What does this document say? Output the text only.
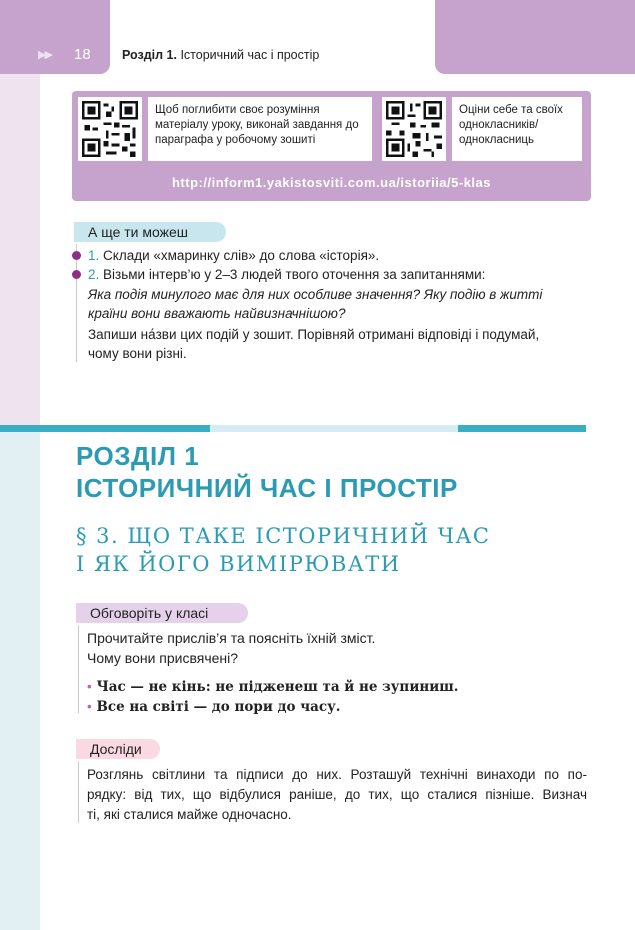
▶▶ 18	Розділ 1. Історичний час і простір
Щоб поглибити своє розуміння матеріалу уроку, виконай завдання до параграфа у робочому зошиті
Оціни себе та своїх однокласників/ однокласниць
http://inform1.yakistosviti.com.ua/istoriia/5-klas
А ще ти можеш
1. Склади «хмаринку слів» до слова «історія».
2. Візьми інтерв’ю у 2–3 людей твого оточення за запитаннями:
Яка подія минулого має для них особливе значення? Яку подію в житті
країни вони вважають найвизначнішою?
Запиши на́зви цих подій у зошит. Порівняй отримані відповіді і подумай,
чому вони різні.
РОЗДІЛ 1
ІСТОРИЧНИЙ ЧАС І ПРОСТІР
§ 3. ЩО ТАКЕ ІСТОРИЧНИЙ ЧАС
І ЯК ЙОГО ВИМІРЮВАТИ
Обговоріть у класі
Прочитайте прислів’я та поясніть їхній зміст.
Чому вони присвячені?
• Час — не кінь: не піджeнеш та й не зупиниш.
• Все на світі — до пори до часу.
Досліди
Розглянь світлини та підписи до них. Розташуй технічні винаходи по по-
рядку: від тих, що відбулися раніше, до тих, що сталися пізніше. Визнач
ті, які сталися майже одночасно.
